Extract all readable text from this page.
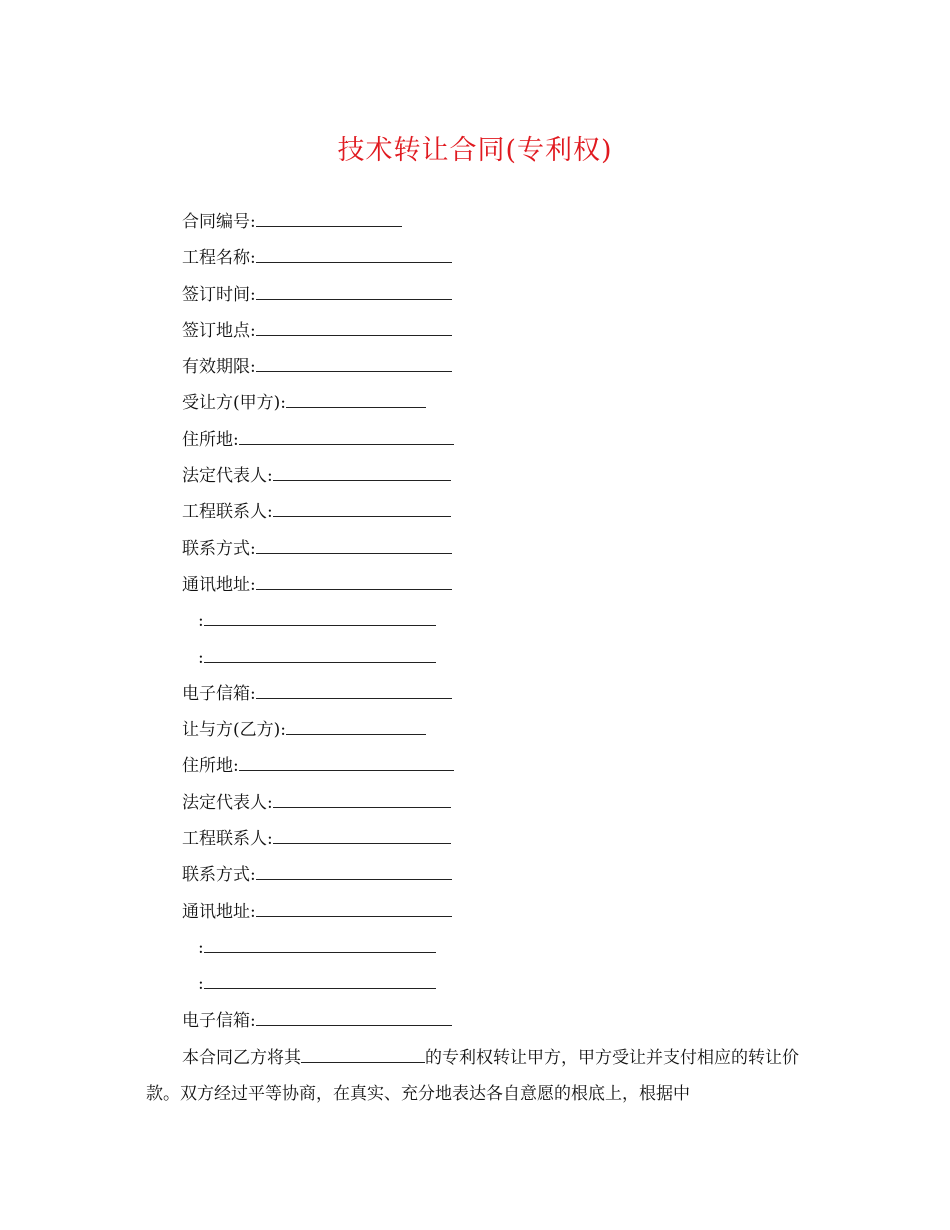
技术转让合同(专利权)
合同编号:
工程名称:
签订时间:
签订地点:
有效期限:
受让方(甲方):
住所地:
法定代表人:
工程联系人:
联系方式:
通讯地址:
:
:
电子信箱:
让与方(乙方):
住所地:
法定代表人:
工程联系人:
联系方式:
通讯地址:
:
:
电子信箱:

本合同乙方将其	的专利权转让甲方，甲方受让并支付相应的转让价款。双方经过平等协商，在真实、充分地表达各自意愿的根底上，根据中
